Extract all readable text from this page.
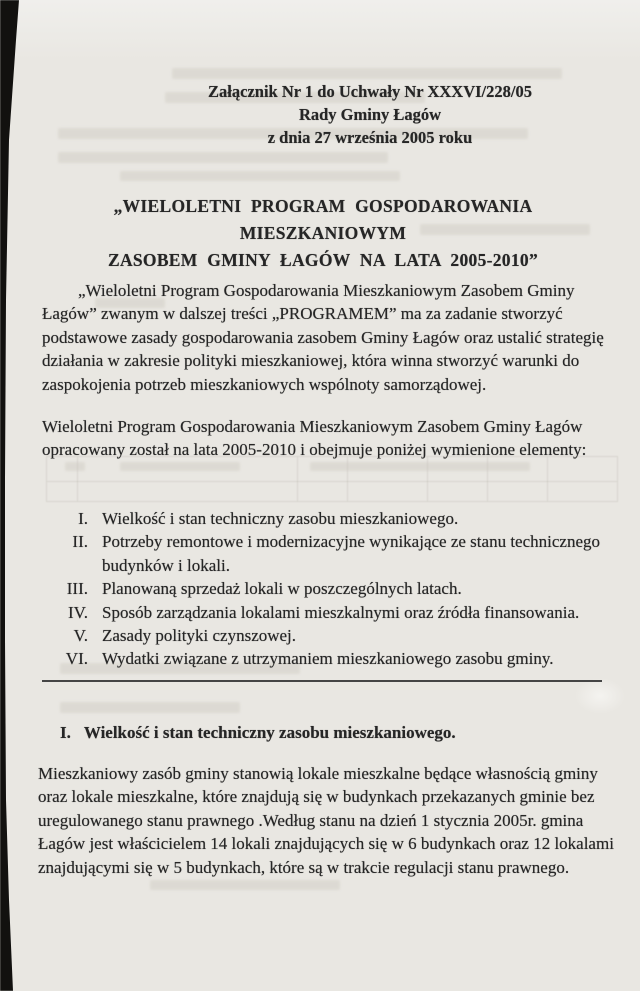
Załącznik Nr 1 do Uchwały Nr XXXVI/228/05
Rady Gminy Łagów
z dnia 27 września 2005 roku
„WIELOLETNI PROGRAM GOSPODAROWANIA MIESZKANIOWYM
ZASOBEM GMINY ŁAGÓW NA LATA 2005-2010”
„Wieloletni Program Gospodarowania Mieszkaniowym Zasobem Gminy Łagów” zwanym w dalszej treści „PROGRAMEM” ma za zadanie stworzyć podstawowe zasady gospodarowania zasobem Gminy Łagów oraz ustalić strategię działania w zakresie polityki mieszkaniowej, która winna stworzyć warunki do zaspokojenia potrzeb mieszkaniowych wspólnoty samorządowej.
Wieloletni Program Gospodarowania Mieszkaniowym Zasobem Gminy Łagów opracowany został na lata 2005-2010 i obejmuje poniżej wymienione elementy:
I. Wielkość i stan techniczny zasobu mieszkaniowego.
II. Potrzeby remontowe i modernizacyjne wynikające ze stanu technicznego budynków i lokali.
III. Planowaną sprzedaż lokali w poszczególnych latach.
IV. Sposób zarządzania lokalami mieszkalnymi oraz źródła finansowania.
V. Zasady polityki czynszowej.
VI. Wydatki związane z utrzymaniem mieszkaniowego zasobu gminy.
I. Wielkość i stan techniczny zasobu mieszkaniowego.
Mieszkaniowy zasób gminy stanowią lokale mieszkalne będące własnością gminy oraz lokale mieszkalne, które znajdują się w budynkach przekazanych gminie bez uregulowanego stanu prawnego .Według stanu na dzień 1 stycznia 2005r. gmina Łagów jest właścicielem 14 lokali znajdujących się w 6 budynkach oraz 12 lokalami znajdującymi się w 5 budynkach, które są w trakcie regulacji stanu prawnego.
